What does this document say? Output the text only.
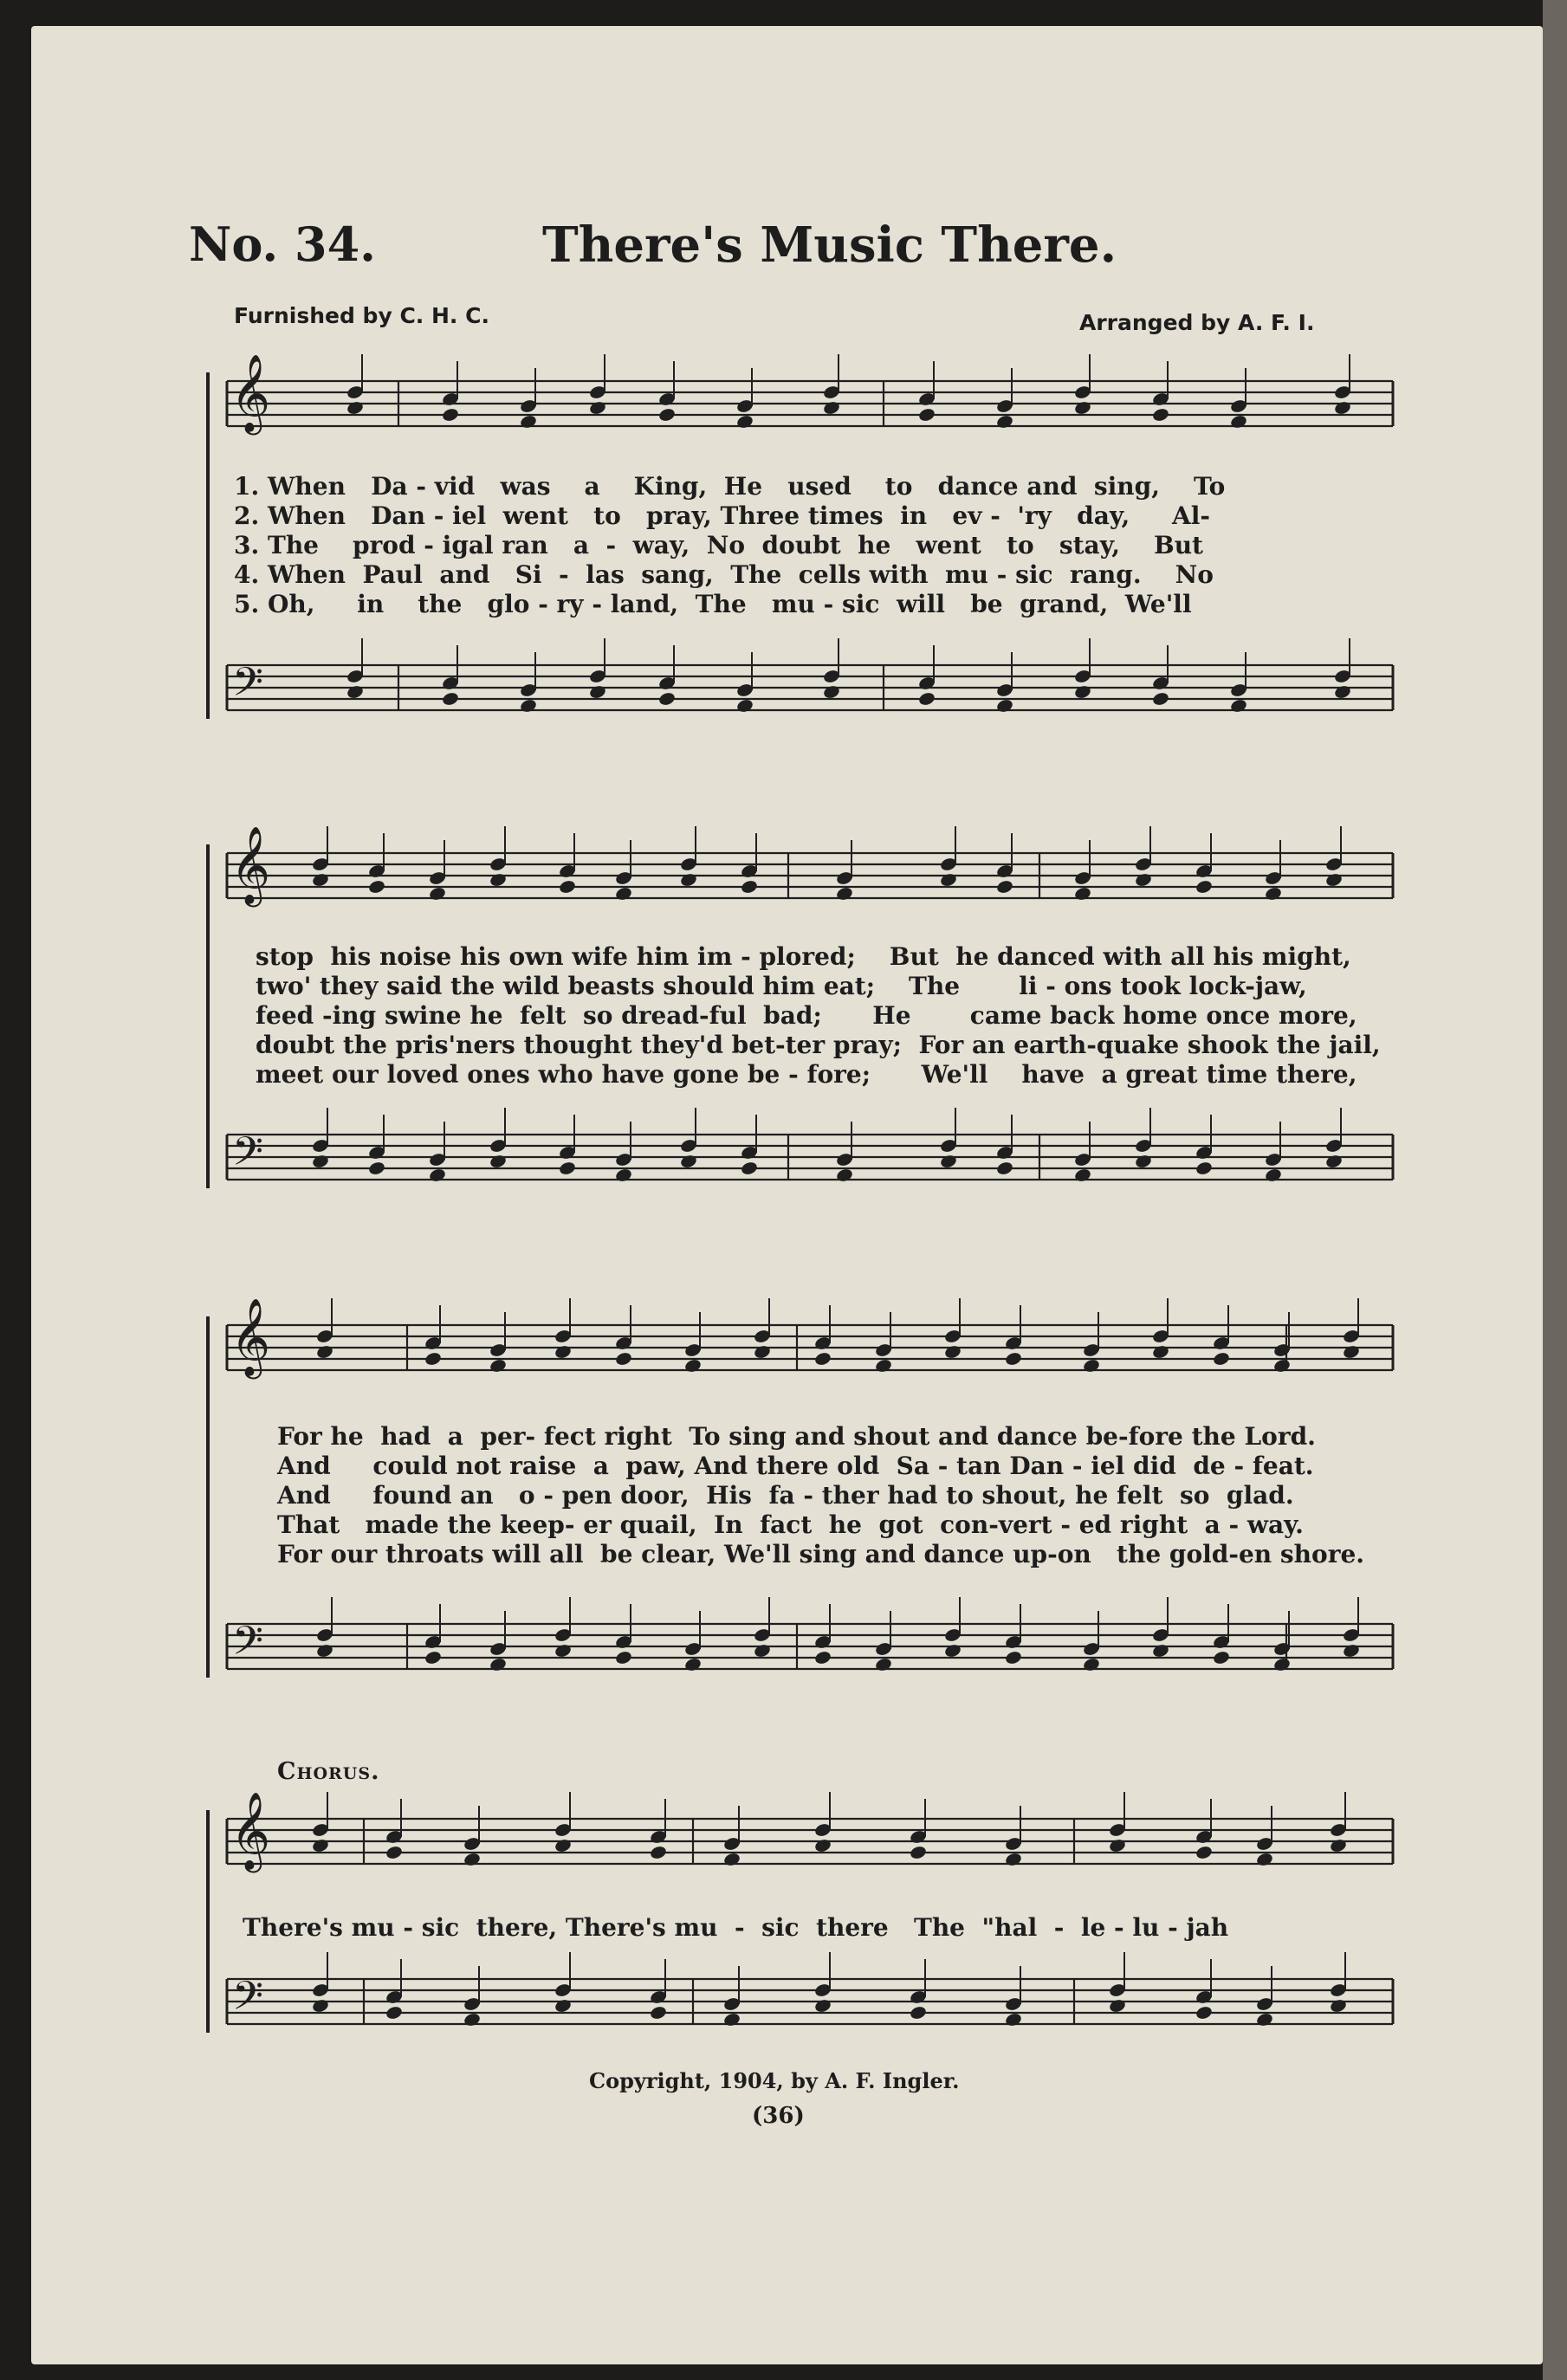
No. 34.	There's Music There.
Furnished by C. H. C.	Arranged by A. F. I.
𝄞
𝄢
𝄞
𝄢
𝄞
𝄢
𝄞
𝄢
1. When   Da - vid   was    a    King,  He   used    to   dance and  sing,    To
2. When   Dan - iel  went   to   pray, Three times  in   ev -  'ry   day,     Al-
3. The    prod - igal ran   a  -  way,  No  doubt  he   went   to   stay,    But
4. When  Paul  and   Si  -  las  sang,  The  cells with  mu - sic  rang.    No
5. Oh,     in    the   glo - ry - land,  The   mu - sic  will   be  grand,  We'll
stop  his noise his own wife him im - plored;    But  he danced with all his might,
two' they said the wild beasts should him eat;    The       li - ons took lock-jaw,
feed -ing swine he  felt  so dread-ful  bad;      He       came back home once more,
doubt the pris'ners thought they'd bet-ter pray;  For an earth-quake shook the jail,
meet our loved ones who have gone be - fore;      We'll    have  a great time there,
For he  had  a  per- fect right  To sing and shout and dance be-fore the Lord.
And     could not raise  a  paw, And there old  Sa - tan Dan - iel did  de - feat.
And     found an   o - pen door,  His  fa - ther had to shout, he felt  so  glad.
That   made the keep- er quail,  In  fact  he  got  con-vert - ed right  a - way.
For our throats will all  be clear, We'll sing and dance up-on   the gold-en shore.
Chorus.
There's mu - sic  there, There's mu  -  sic  there   The  "hal  -  le - lu - jah
Copyright, 1904, by A. F. Ingler.
(36)
